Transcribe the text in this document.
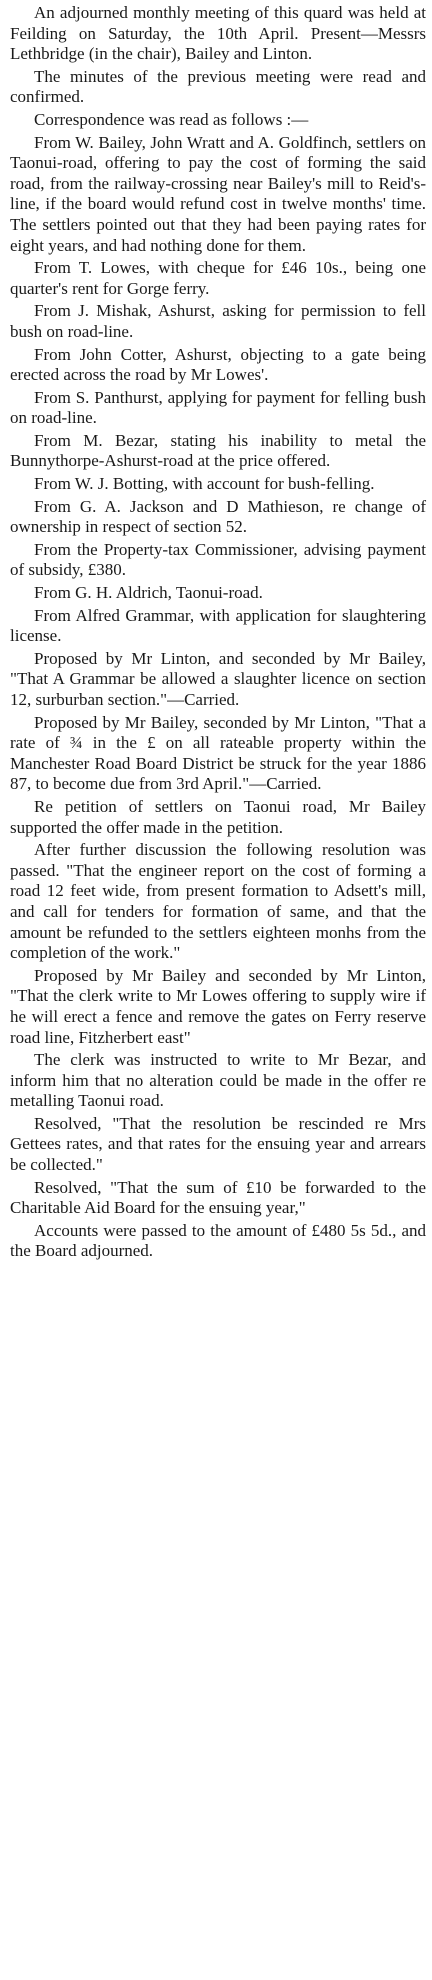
An adjourned monthly meeting of this quard was held at Feilding on Saturday, the 10th April. Present—Messrs Lethbridge (in the chair), Bailey and Linton.

The minutes of the previous meeting were read and confirmed.

Correspondence was read as follows :—

From W. Bailey, John Wratt and A. Goldfinch, settlers on Taonui-road, offering to pay the cost of forming the said road, from the railway-crossing near Bailey's mill to Reid's-line, if the board would refund cost in twelve months' time. The settlers pointed out that they had been paying rates for eight years, and had nothing done for them.

From T. Lowes, with cheque for £46 10s., being one quarter's rent for Gorge ferry.

From J. Mishak, Ashurst, asking for permission to fell bush on road-line.

From John Cotter, Ashurst, objecting to a gate being erected across the road by Mr Lowes'.

From S. Panthurst, applying for payment for felling bush on road-line.

From M. Bezar, stating his inability to metal the Bunnythorpe-Ashurst-road at the price offered.

From W. J. Botting, with account for bush-felling.

From G. A. Jackson and D Mathieson, re change of ownership in respect of section 52.

From the Property-tax Commissioner, advising payment of subsidy, £380.

From G. H. Aldrich, Taonui-road.

From Alfred Grammar, with application for slaughtering license.

Proposed by Mr Linton, and seconded by Mr Bailey, "That A Grammar be allowed a slaughter licence on section 12, surburban section."—Carried.

Proposed by Mr Bailey, seconded by Mr Linton, "That a rate of ¾ in the £ on all rateable property within the Manchester Road Board District be struck for the year 1886 87, to become due from 3rd April."—Carried.

Re petition of settlers on Taonui road, Mr Bailey supported the offer made in the petition.

After further discussion the following resolution was passed. "That the engineer report on the cost of forming a road 12 feet wide, from present formation to Adsett's mill, and call for tenders for formation of same, and that the amount be refunded to the settlers eighteen monhs from the completion of the work."

Proposed by Mr Bailey and seconded by Mr Linton, "That the clerk write to Mr Lowes offering to supply wire if he will erect a fence and remove the gates on Ferry reserve road line, Fitzherbert east"

The clerk was instructed to write to Mr Bezar, and inform him that no alteration could be made in the offer re metalling Taonui road.

Resolved, "That the resolution be rescinded re Mrs Gettees rates, and that rates for the ensuing year and arrears be collected."

Resolved, "That the sum of £10 be forwarded to the Charitable Aid Board for the ensuing year,"

Accounts were passed to the amount of £480 5s 5d., and the Board adjourned.
